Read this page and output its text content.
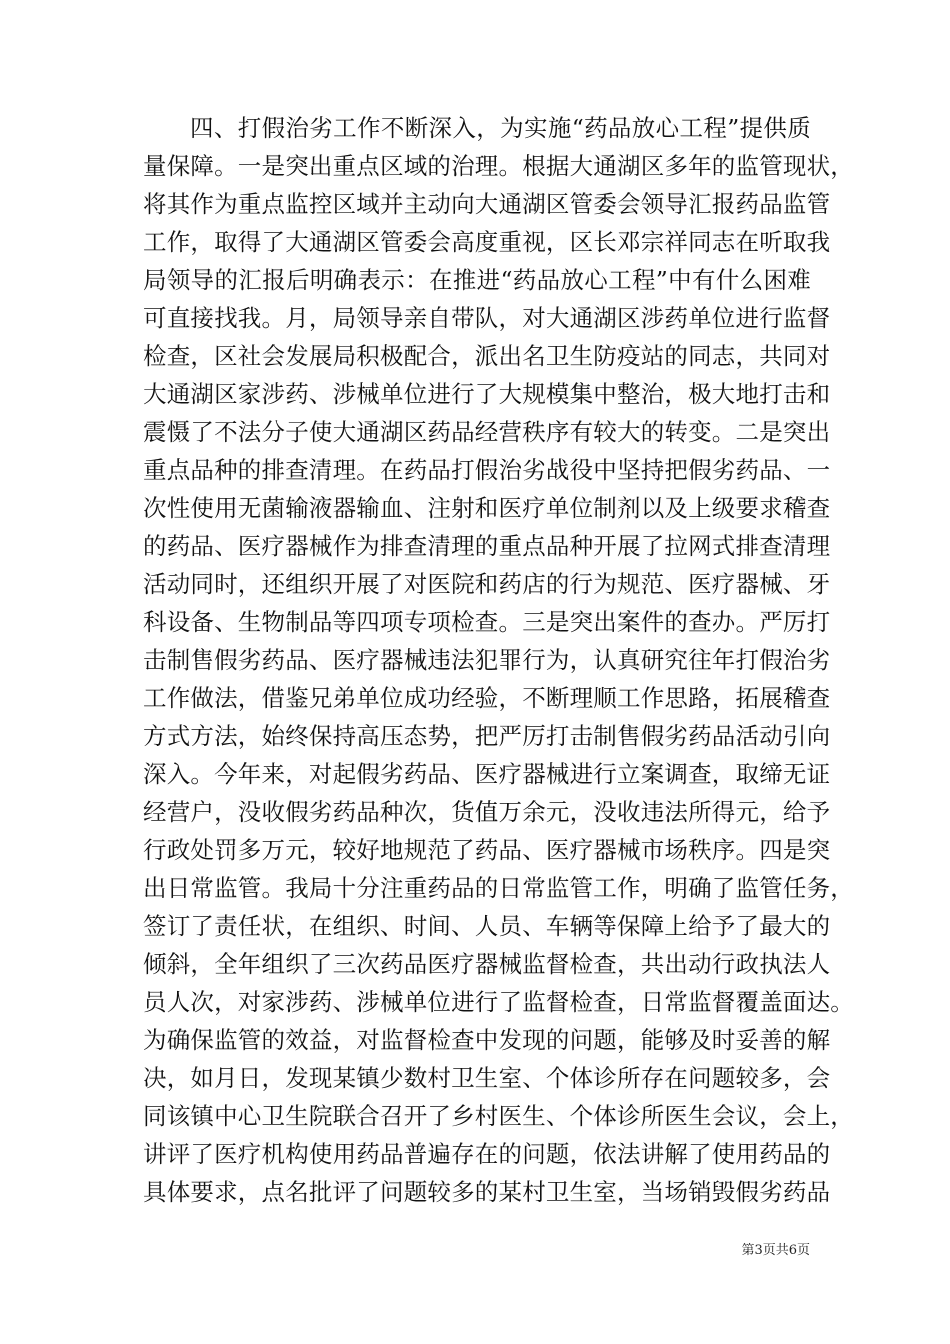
四、打假治劣工作不断深入，为实施“药品放心工程”提供质
量保障。一是突出重点区域的治理。根据大通湖区多年的监管现状，
将其作为重点监控区域并主动向大通湖区管委会领导汇报药品监管
工作，取得了大通湖区管委会高度重视，区长邓宗祥同志在听取我
局领导的汇报后明确表示：在推进“药品放心工程”中有什么困难
可直接找我。月，局领导亲自带队，对大通湖区涉药单位进行监督
检查，区社会发展局积极配合，派出名卫生防疫站的同志，共同对
大通湖区家涉药、涉械单位进行了大规模集中整治，极大地打击和
震慑了不法分子使大通湖区药品经营秩序有较大的转变。二是突出
重点品种的排查清理。在药品打假治劣战役中坚持把假劣药品、一
次性使用无菌输液器输血、注射和医疗单位制剂以及上级要求稽查
的药品、医疗器械作为排查清理的重点品种开展了拉网式排查清理
活动同时，还组织开展了对医院和药店的行为规范、医疗器械、牙
科设备、生物制品等四项专项检查。三是突出案件的查办。严厉打
击制售假劣药品、医疗器械违法犯罪行为，认真研究往年打假治劣
工作做法，借鉴兄弟单位成功经验，不断理顺工作思路，拓展稽查
方式方法，始终保持高压态势，把严厉打击制售假劣药品活动引向
深入。今年来，对起假劣药品、医疗器械进行立案调查，取缔无证
经营户，没收假劣药品种次，货值万余元，没收违法所得元，给予
行政处罚多万元，较好地规范了药品、医疗器械市场秩序。四是突
出日常监管。我局十分注重药品的日常监管工作，明确了监管任务，
签订了责任状，在组织、时间、人员、车辆等保障上给予了最大的
倾斜，全年组织了三次药品医疗器械监督检查，共出动行政执法人
员人次，对家涉药、涉械单位进行了监督检查，日常监督覆盖面达。
为确保监管的效益，对监督检查中发现的问题，能够及时妥善的解
决，如月日，发现某镇少数村卫生室、个体诊所存在问题较多，会
同该镇中心卫生院联合召开了乡村医生、个体诊所医生会议，会上，
讲评了医疗机构使用药品普遍存在的问题，依法讲解了使用药品的
具体要求，点名批评了问题较多的某村卫生室，当场销毁假劣药品
第3页共6页
